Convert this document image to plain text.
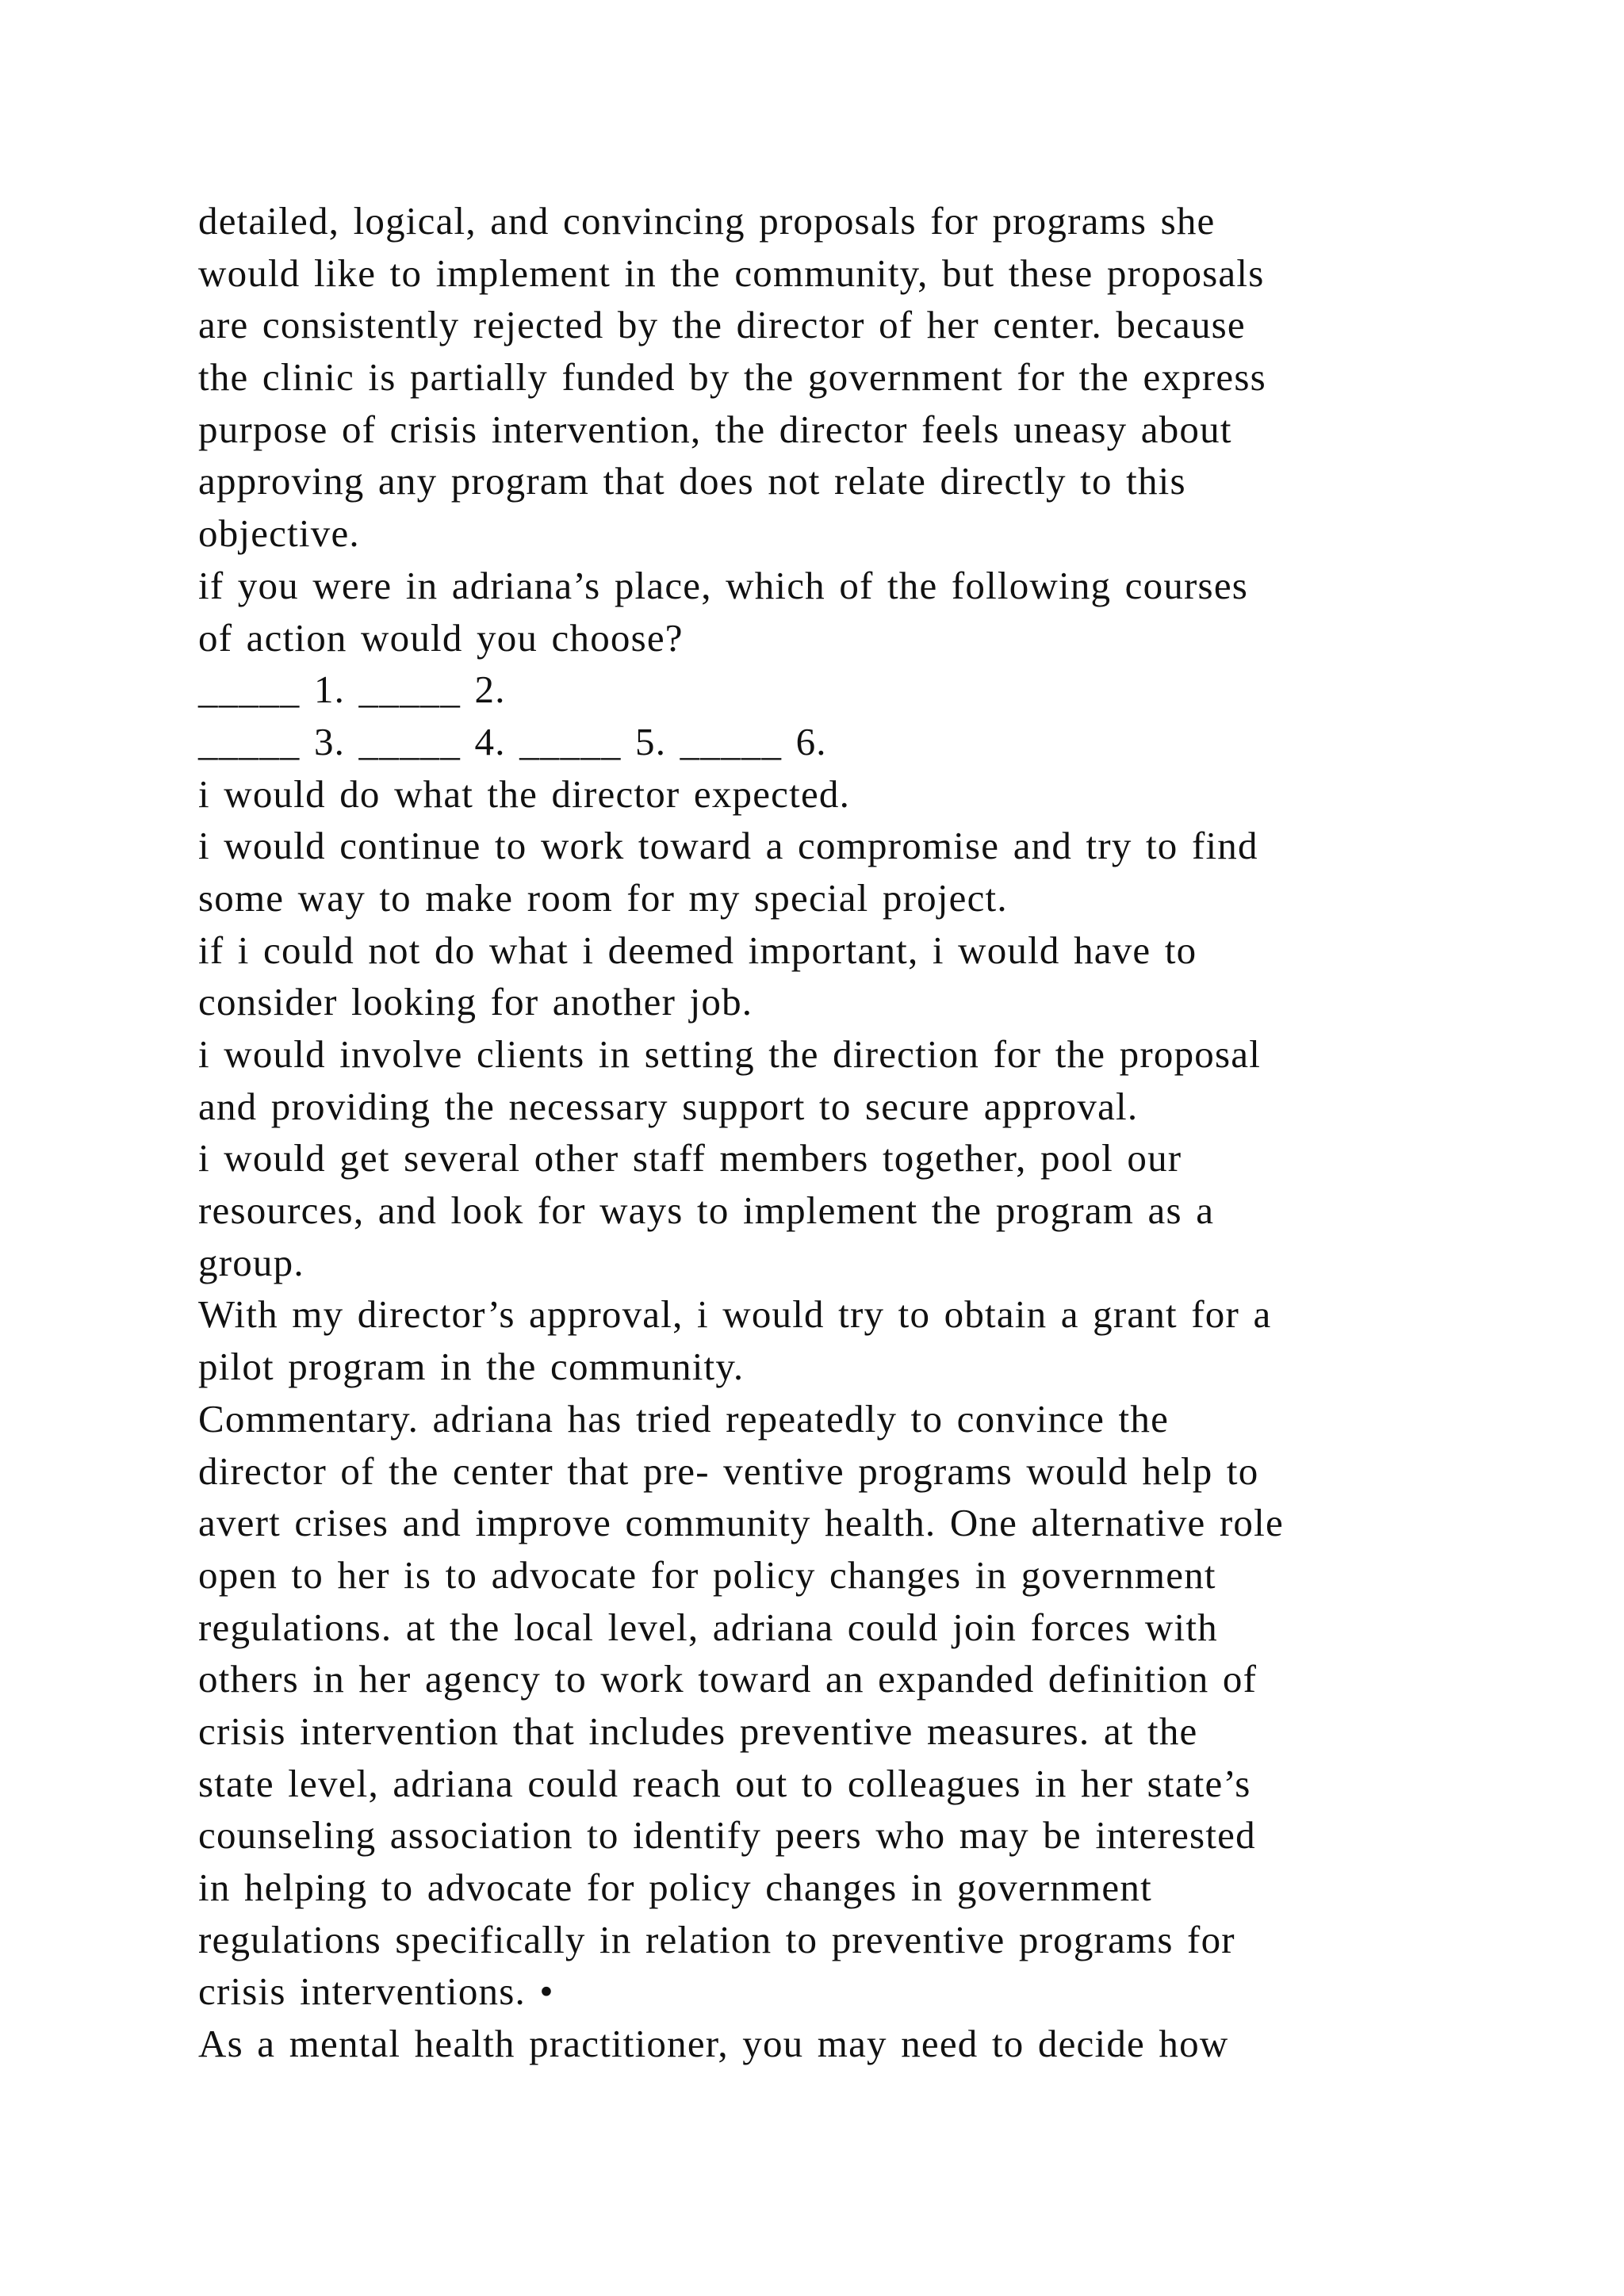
detailed, logical, and convincing proposals for programs she
would like to implement in the community, but these proposals
are consistently rejected by the director of her center. because
the clinic is partially funded by the government for the express
purpose of crisis intervention, the director feels uneasy about
approving any program that does not relate directly to this
objective.
if you were in adriana’s place, which of the following courses
of action would you choose?
_____ 1. _____ 2.
_____ 3. _____ 4. _____ 5. _____ 6.
i would do what the director expected.
i would continue to work toward a compromise and try to find
some way to make room for my special project.
if i could not do what i deemed important, i would have to
consider looking for another job.
i would involve clients in setting the direction for the proposal
and providing the necessary support to secure approval.
i would get several other staff members together, pool our
resources, and look for ways to implement the program as a
group.
With my director’s approval, i would try to obtain a grant for a
pilot program in the community.
Commentary. adriana has tried repeatedly to convince the
director of the center that pre- ventive programs would help to
avert crises and improve community health. One alternative role
open to her is to advocate for policy changes in government
regulations. at the local level, adriana could join forces with
others in her agency to work toward an expanded definition of
crisis intervention that includes preventive measures. at the
state level, adriana could reach out to colleagues in her state’s
counseling association to identify peers who may be interested
in helping to advocate for policy changes in government
regulations specifically in relation to preventive programs for
crisis interventions. •
As a mental health practitioner, you may need to decide how
